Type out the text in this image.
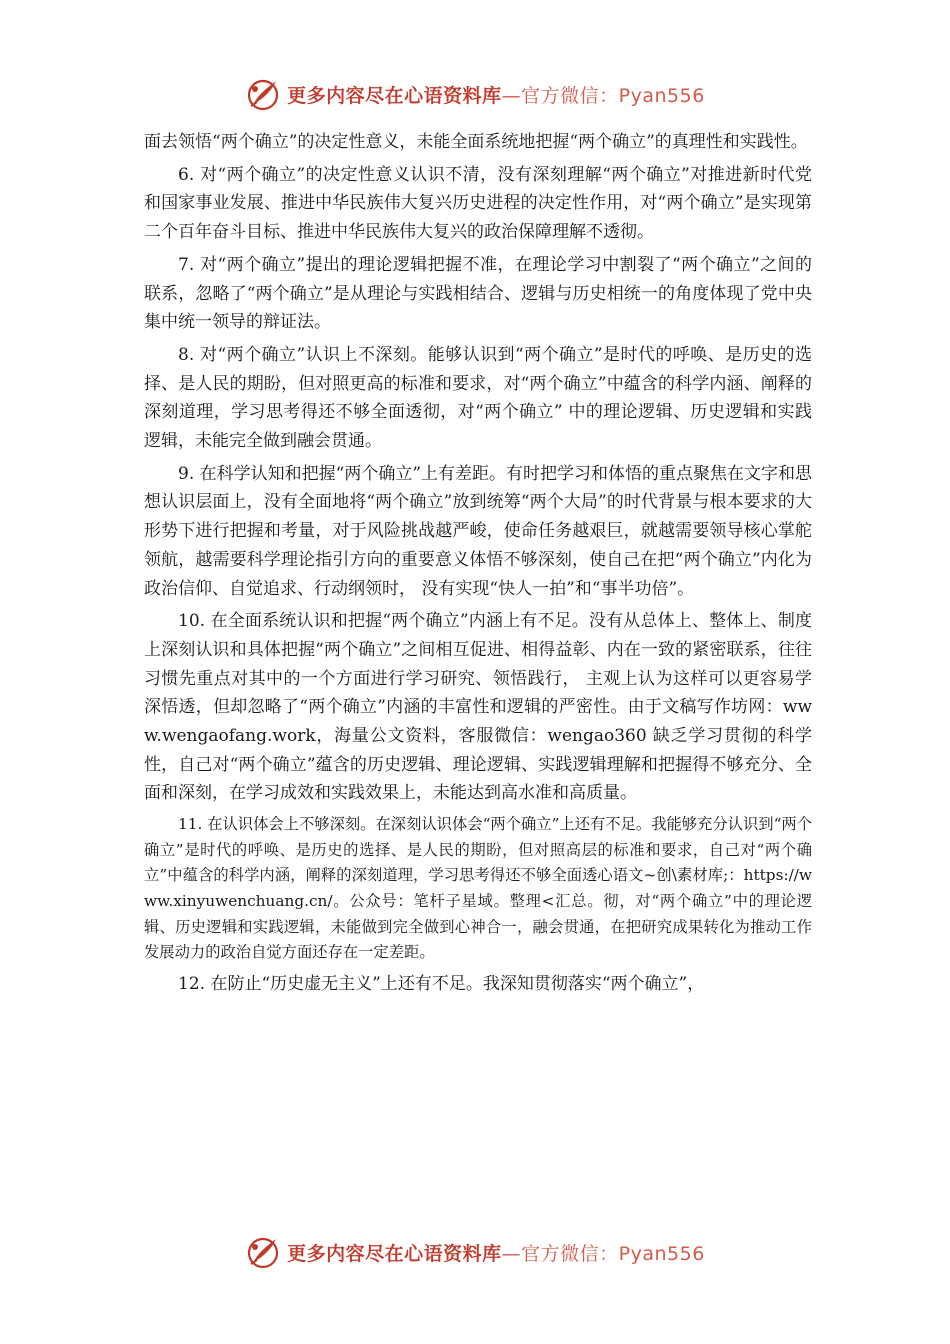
更多内容尽在心语资料库—官方微信：Pyan556

面去领悟“两个确立”的决定性意义，未能全面系统地把握“两个确立”的真理性和实践性。

6. 对“两个确立”的决定性意义认识不清，没有深刻理解“两个确立”对推进新时代党和国家事业发展、推进中华民族伟大复兴历史进程的决定性作用，对“两个确立”是实现第二个百年奋斗目标、推进中华民族伟大复兴的政治保障理解不透彻。

7. 对“两个确立”提出的理论逻辑把握不准，在理论学习中割裂了“两个确立”之间的联系，忽略了“两个确立”是从理论与实践相结合、逻辑与历史相统一的角度体现了党中央集中统一领导的辩证法。

8. 对“两个确立”认识上不深刻。能够认识到“两个确立”是时代的呼唤、是历史的选择、是人民的期盼，但对照更高的标准和要求，对“两个确立”中蕴含的科学内涵、阐释的深刻道理，学习思考得还不够全面透彻，对“两个确立” 中的理论逻辑、历史逻辑和实践逻辑，未能完全做到融会贯通。

9. 在科学认知和把握“两个确立”上有差距。有时把学习和体悟的重点聚焦在文字和思想认识层面上，没有全面地将“两个确立”放到统筹“两个大局”的时代背景与根本要求的大形势下进行把握和考量，对于风险挑战越严峻，使命任务越艰巨，就越需要领导核心掌舵领航，越需要科学理论指引方向的重要意义体悟不够深刻，使自己在把“两个确立”内化为政治信仰、自觉追求、行动纲领时， 没有实现“快人一拍”和“事半功倍”。

10. 在全面系统认识和把握“两个确立”内涵上有不足。没有从总体上、整体上、制度上深刻认识和具体把握“两个确立”之间相互促进、相得益彰、内在一致的紧密联系，往往习惯先重点对其中的一个方面进行学习研究、领悟践行， 主观上认为这样可以更容易学深悟透，但却忽略了“两个确立”内涵的丰富性和逻辑的严密性。由于文稿写作坊网：www.wengaofang.work，海量公文资料，客服微信：wengao360 缺乏学习贯彻的科学性，自己对“两个确立”蕴含的历史逻辑、理论逻辑、实践逻辑理解和把握得不够充分、全面和深刻，在学习成效和实践效果上，未能达到高水准和高质量。

11. 在认识体会上不够深刻。在深刻认识体会“两个确立”上还有不足。我能够充分认识到“两个确立”是时代的呼唤、是历史的选择、是人民的期盼，但对照高层的标准和要求，自己对“两个确立”中蕴含的科学内涵，阐释的深刻道理，学习思考得还不够全面透心语文~创\素材库;：https://www.xinyuwenchuang.cn/。公众号：笔杆子星域。整理<汇总。彻，对“两个确立”中的理论逻辑、历史逻辑和实践逻辑，未能做到完全做到心神合一，融会贯通，在把研究成果转化为推动工作发展动力的政治自觉方面还存在一定差距。

12. 在防止“历史虚无主义”上还有不足。我深知贯彻落实“两个确立”，

更多内容尽在心语资料库—官方微信：Pyan556
